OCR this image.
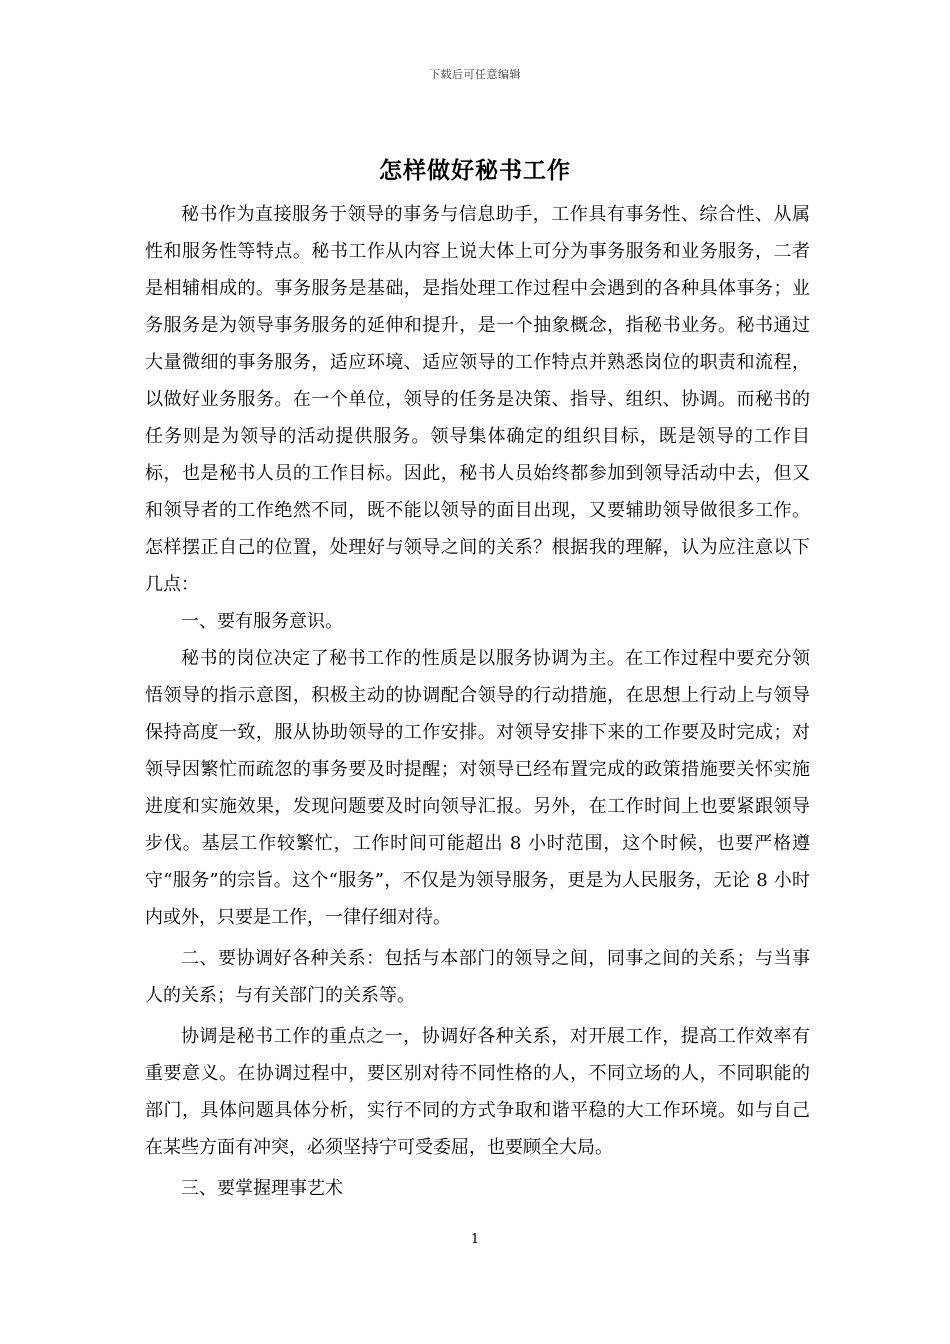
下载后可任意编辑
怎样做好秘书工作

秘书作为直接服务于领导的事务与信息助手，工作具有事务性、综合性、从属性和服务性等特点。秘书工作从内容上说大体上可分为事务服务和业务服务，二者是相辅相成的。事务服务是基础，是指处理工作过程中会遇到的各种具体事务；业务服务是为领导事务服务的延伸和提升，是一个抽象概念，指秘书业务。秘书通过大量微细的事务服务，适应环境、适应领导的工作特点并熟悉岗位的职责和流程，以做好业务服务。在一个单位，领导的任务是决策、指导、组织、协调。而秘书的任务则是为领导的活动提供服务。领导集体确定的组织目标，既是领导的工作目标，也是秘书人员的工作目标。因此，秘书人员始终都参加到领导活动中去，但又和领导者的工作绝然不同，既不能以领导的面目出现，又要辅助领导做很多工作。怎样摆正自己的位置，处理好与领导之间的关系？根据我的理解，认为应注意以下几点：

一、要有服务意识。

秘书的岗位决定了秘书工作的性质是以服务协调为主。在工作过程中要充分领悟领导的指示意图，积极主动的协调配合领导的行动措施，在思想上行动上与领导保持高度一致，服从协助领导的工作安排。对领导安排下来的工作要及时完成；对领导因繁忙而疏忽的事务要及时提醒；对领导已经布置完成的政策措施要关怀实施进度和实施效果，发现问题要及时向领导汇报。另外，在工作时间上也要紧跟领导步伐。基层工作较繁忙，工作时间可能超出 8 小时范围，这个时候，也要严格遵守“服务”的宗旨。这个“服务”，不仅是为领导服务，更是为人民服务，无论 8 小时内或外，只要是工作，一律仔细对待。

二、要协调好各种关系：包括与本部门的领导之间，同事之间的关系；与当事人的关系；与有关部门的关系等。

协调是秘书工作的重点之一，协调好各种关系，对开展工作，提高工作效率有重要意义。在协调过程中，要区别对待不同性格的人，不同立场的人，不同职能的部门，具体问题具体分析，实行不同的方式争取和谐平稳的大工作环境。如与自己在某些方面有冲突，必须坚持宁可受委屈，也要顾全大局。

三、要掌握理事艺术

1
